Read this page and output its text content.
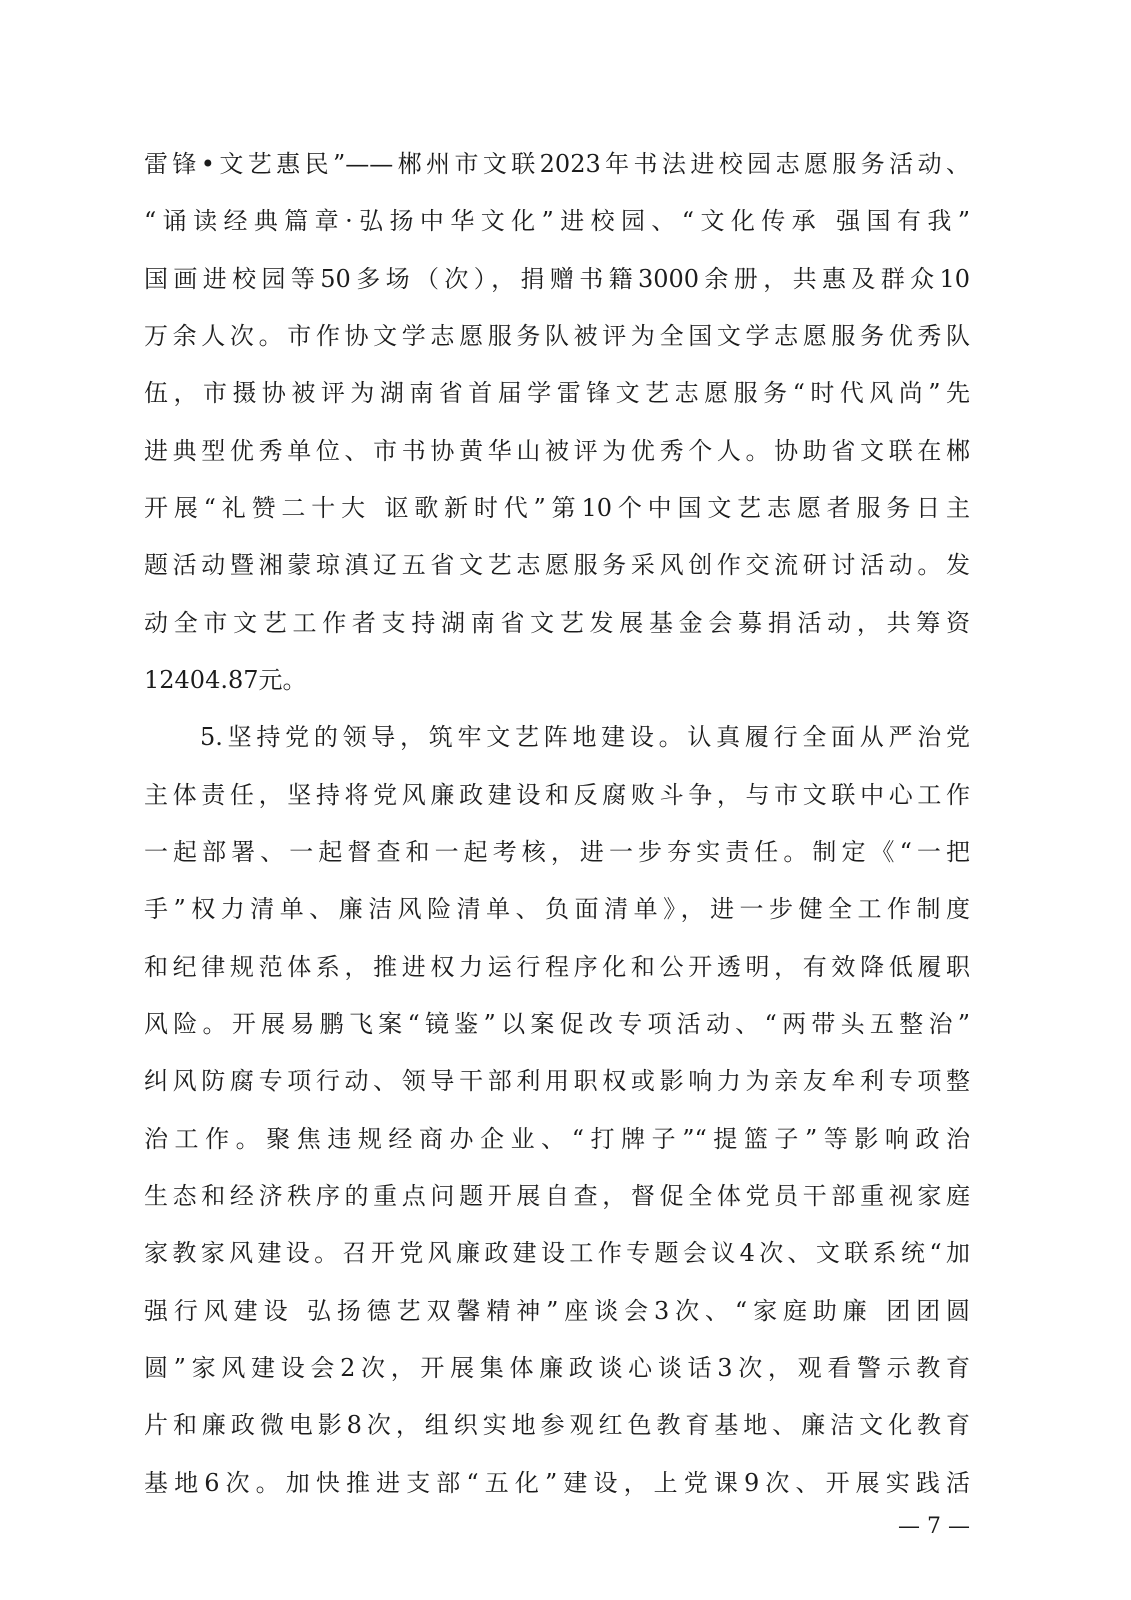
雷锋•文艺惠民”——郴州市文联2023年书法进校园志愿服务活动、
“诵读经典篇章·弘扬中华文化”进校园、“文化传承 强国有我”
国画进校园等50多场（次），捐赠书籍3000余册，共惠及群众10
万余人次。市作协文学志愿服务队被评为全国文学志愿服务优秀队
伍，市摄协被评为湖南省首届学雷锋文艺志愿服务“时代风尚”先
进典型优秀单位、市书协黄华山被评为优秀个人。协助省文联在郴
开展“礼赞二十大 讴歌新时代”第10个中国文艺志愿者服务日主
题活动暨湘蒙琼滇辽五省文艺志愿服务采风创作交流研讨活动。发
动全市文艺工作者支持湖南省文艺发展基金会募捐活动，共筹资
12404.87元。
5.坚持党的领导，筑牢文艺阵地建设。认真履行全面从严治党
主体责任，坚持将党风廉政建设和反腐败斗争，与市文联中心工作
一起部署、一起督查和一起考核，进一步夯实责任。制定《“一把
手”权力清单、廉洁风险清单、负面清单》，进一步健全工作制度
和纪律规范体系，推进权力运行程序化和公开透明，有效降低履职
风险。开展易鹏飞案“镜鉴”以案促改专项活动、“两带头五整治”
纠风防腐专项行动、领导干部利用职权或影响力为亲友牟利专项整
治工作。聚焦违规经商办企业、“打牌子”“提篮子”等影响政治
生态和经济秩序的重点问题开展自查，督促全体党员干部重视家庭
家教家风建设。召开党风廉政建设工作专题会议4次、文联系统“加
强行风建设 弘扬德艺双馨精神”座谈会3次、“家庭助廉 团团圆
圆”家风建设会2次，开展集体廉政谈心谈话3次，观看警示教育
片和廉政微电影8次，组织实地参观红色教育基地、廉洁文化教育
基地6次。加快推进支部“五化”建设，上党课9次、开展实践活
— 7 —
